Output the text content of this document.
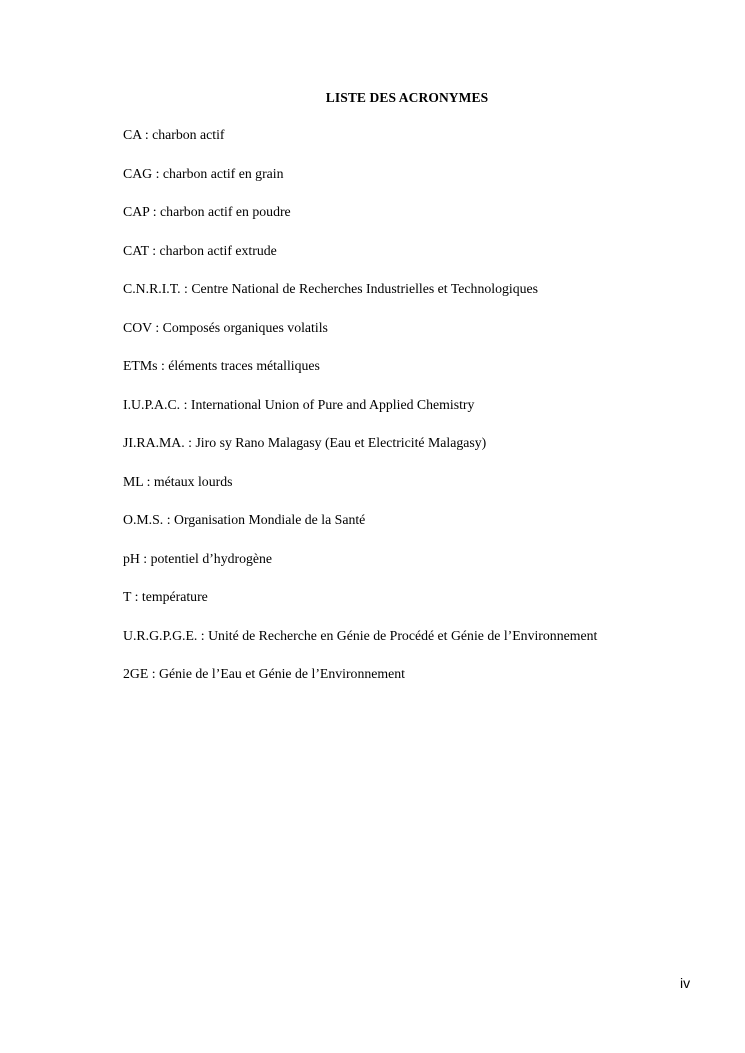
LISTE DES ACRONYMES
CA : charbon actif
CAG : charbon actif en grain
CAP : charbon actif en poudre
CAT : charbon actif extrude
C.N.R.I.T. : Centre National de Recherches Industrielles et Technologiques
COV : Composés organiques volatils
ETMs : éléments traces métalliques
I.U.P.A.C. : International Union of Pure and Applied Chemistry
JI.RA.MA. : Jiro sy Rano Malagasy (Eau et Electricité Malagasy)
ML : métaux lourds
O.M.S. : Organisation Mondiale de la Santé
pH : potentiel d’hydrogène
T : température
U.R.G.P.G.E. : Unité de Recherche en Génie de Procédé et Génie de l’Environnement
2GE : Génie de l’Eau et Génie de l’Environnement
iv
